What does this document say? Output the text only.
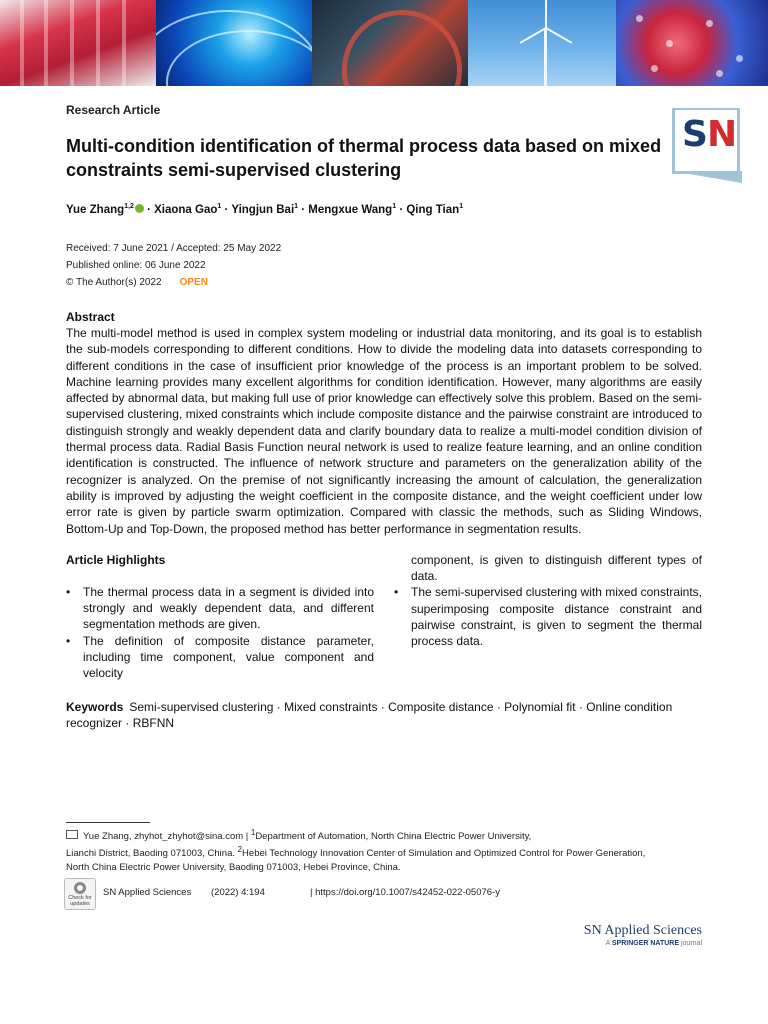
SN
Research Article
Multi-condition identification of thermal process data based on mixed constraints semi-supervised clustering
Yue Zhang$^{1,2}$ · Xiaona Gao$^1$ · Yingjun Bai$^1$ · Mengxue Wang$^1$ · Qing Tian$^1$
Received: 7 June 2021 / Accepted: 25 May 2022
Published online: 06 June 2022
© The Author(s) 2022 OPEN
Abstract

The multi-model method is used in complex system modeling or industrial data monitoring, and its goal is to establish the sub-models corresponding to different conditions. How to divide the modeling data into datasets corresponding to different conditions in the case of insufficient prior knowledge of the process is an important problem to be solved. Machine learning provides many excellent algorithms for condition identification. However, many algorithms are easily affected by abnormal data, but making full use of prior knowledge can effectively solve this problem. Based on the semi-supervised clustering, mixed constraints which include composite distance and the pairwise constraint are introduced to distinguish strongly and weakly dependent data and clarify boundary data to realize a multi-model condition division of thermal process data. Radial Basis Function neural network is used to realize feature learning, and an online condition identification is constructed. The influence of network structure and parameters on the generalization ability of the recognizer is analyzed. On the premise of not significantly increasing the amount of calculation, the generalization ability is improved by adjusting the weight coefficient in the composite distance, and the weight coefficient under low error rate is given by particle swarm optimization. Compared with classic the methods, such as Sliding Windows, Bottom-Up and Top-Down, the proposed method has better performance in segmentation results.

Article Highlights
• The thermal process data in a segment is divided into strongly and weakly dependent data, and different segmentation methods are given.
• The definition of composite distance parameter, including time component, value component and velocity
component, is given to distinguish different types of data.
• The semi-supervised clustering with mixed constraints, superimposing composite distance constraint and pairwise constraint, is given to segment the thermal process data.
Keywords Semi-supervised clustering · Mixed constraints · Composite distance · Polynomial fit · Online condition recognizer · RBFNN
Yue Zhang, zhyhot_zhyhot@sina.com | $^1$Department of Automation, North China Electric Power University,
Lianchi District, Baoding 071003, China. $^2$Hebei Technology Innovation Center of Simulation and Optimized Control for Power Generation,
North China Electric Power University, Baoding 071003, Hebei Province, China.
Check for updates
SN Applied Sciences (2022) 4:194	| https://doi.org/10.1007/s42452-022-05076-y
SN Applied Sciences
A SPRINGER NATURE journal
